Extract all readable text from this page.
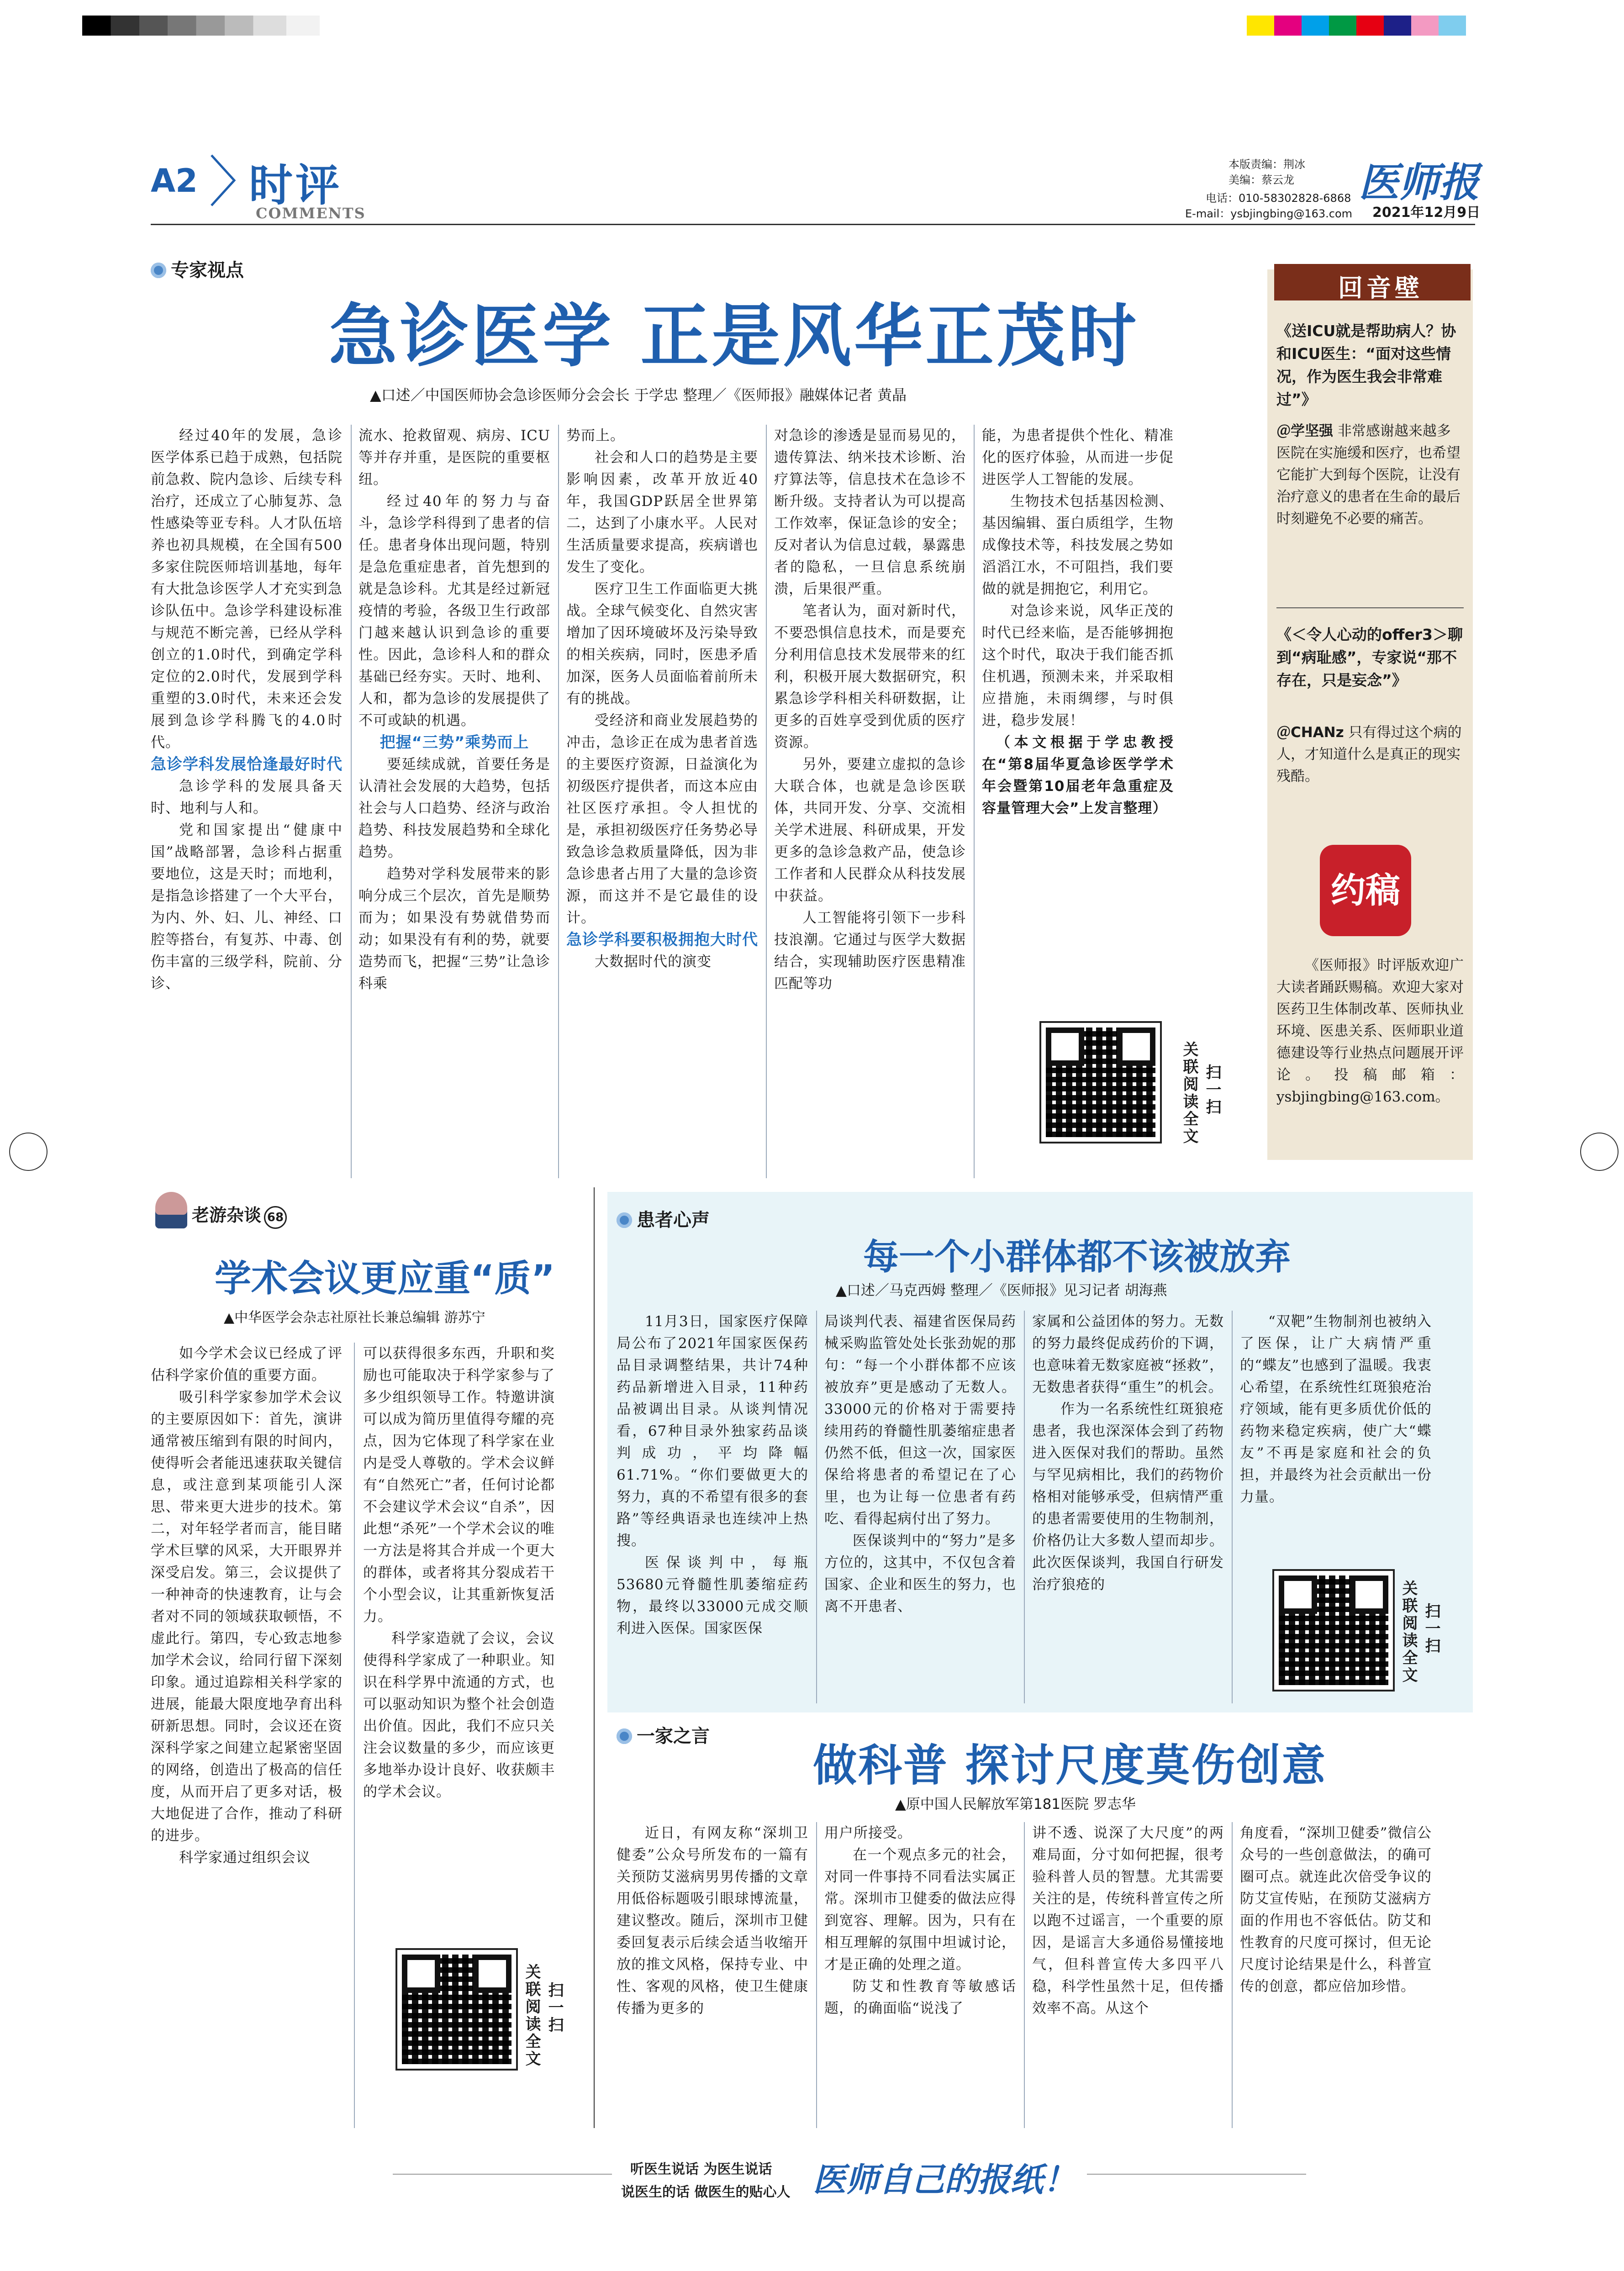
A2 时评
COMMENTS
本版责编：荆冰
美编：蔡云龙
电话：010-58302828-6868
E-mail：ysbjingbing@163.com
医师报
2021年12月9日
专家视点
急诊医学 正是风华正茂时
▲口述／中国医师协会急诊医师分会会长 于学忠 整理／《医师报》融媒体记者 黄晶

经过40年的发展，急诊医学体系已趋于成熟，包括院前急救、院内急诊、后续专科治疗，还成立了心肺复苏、急性感染等亚专科。人才队伍培养也初具规模，在全国有500多家住院医师培训基地，每年有大批急诊医学人才充实到急诊队伍中。急诊学科建设标准与规范不断完善，已经从学科创立的1.0时代，到确定学科定位的2.0时代，发展到学科重塑的3.0时代，未来还会发展到急诊学科腾飞的4.0时代。

急诊学科发展恰逢最好时代

急诊学科的发展具备天时、地利与人和。

党和国家提出“健康中国”战略部署，急诊科占据重要地位，这是天时；而地利，是指急诊搭建了一个大平台，为内、外、妇、儿、神经、口腔等搭台，有复苏、中毒、创伤丰富的三级学科，院前、分诊、

流水、抢救留观、病房、ICU等并存并重，是医院的重要枢纽。

经过40年的努力与奋斗，急诊学科得到了患者的信任。患者身体出现问题，特别是急危重症患者，首先想到的就是急诊科。尤其是经过新冠疫情的考验，各级卫生行政部门越来越认识到急诊的重要性。因此，急诊科人和的群众基础已经夯实。天时、地利、人和，都为急诊的发展提供了不可或缺的机遇。

把握“三势”乘势而上

要延续成就，首要任务是认清社会发展的大趋势，包括社会与人口趋势、经济与政治趋势、科技发展趋势和全球化趋势。

趋势对学科发展带来的影响分成三个层次，首先是顺势而为；如果没有势就借势而动；如果没有有利的势，就要造势而飞，把握“三势”让急诊科乘

势而上。

社会和人口的趋势是主要影响因素，改革开放近40年，我国GDP跃居全世界第二，达到了小康水平。人民对生活质量要求提高，疾病谱也发生了变化。

医疗卫生工作面临更大挑战。全球气候变化、自然灾害增加了因环境破坏及污染导致的相关疾病，同时，医患矛盾加深，医务人员面临着前所未有的挑战。

受经济和商业发展趋势的冲击，急诊正在成为患者首选的主要医疗资源，日益演化为初级医疗提供者，而这本应由社区医疗承担。令人担忧的是，承担初级医疗任务势必导致急诊急救质量降低，因为非急诊患者占用了大量的急诊资源，而这并不是它最佳的设计。

急诊学科要积极拥抱大时代

大数据时代的演变

对急诊的渗透是显而易见的，遗传算法、纳米技术诊断、治疗算法等，信息技术在急诊不断升级。支持者认为可以提高工作效率，保证急诊的安全；反对者认为信息过载，暴露患者的隐私，一旦信息系统崩溃，后果很严重。

笔者认为，面对新时代，不要恐惧信息技术，而是要充分利用信息技术发展带来的红利，积极开展大数据研究，积累急诊学科相关科研数据，让更多的百姓享受到优质的医疗资源。

另外，要建立虚拟的急诊大联合体，也就是急诊医联体，共同开发、分享、交流相关学术进展、科研成果，开发更多的急诊急救产品，使急诊工作者和人民群众从科技发展中获益。

人工智能将引领下一步科技浪潮。它通过与医学大数据结合，实现辅助医疗医患精准匹配等功

能，为患者提供个性化、精准化的医疗体验，从而进一步促进医学人工智能的发展。

生物技术包括基因检测、基因编辑、蛋白质组学，生物成像技术等，科技发展之势如滔滔江水，不可阻挡，我们要做的就是拥抱它，利用它。

对急诊来说，风华正茂的时代已经来临，是否能够拥抱这个时代，取决于我们能否抓住机遇，预测未来，并采取相应措施，未雨绸缪，与时俱进，稳步发展！

（本文根据于学忠教授在“第8届华夏急诊医学学术年会暨第10届老年急重症及容量管理大会”上发言整理）

关联阅读全文 扫一扫
回音壁
《送ICU就是帮助病人？协和ICU医生：“面对这些情况，作为医生我会非常难过”》
＠学坚强 非常感谢越来越多医院在实施缓和医疗，也希望它能扩大到每个医院，让没有治疗意义的患者在生命的最后时刻避免不必要的痛苦。
《＜令人心动的offer3＞聊到“病耻感”，专家说“那不存在，只是妄念”》
＠CHANz 只有得过这个病的人，才知道什么是真正的现实残酷。
约稿
《医师报》时评版欢迎广大读者踊跃赐稿。欢迎大家对医药卫生体制改革、医师执业环境、医患关系、医师职业道德建设等行业热点问题展开评论。投稿邮箱：ysbjingbing@163.com。
老游杂谈 68
学术会议更应重“质”
▲中华医学会杂志社原社长兼总编辑 游苏宁

如今学术会议已经成了评估科学家价值的重要方面。

吸引科学家参加学术会议的主要原因如下：首先，演讲通常被压缩到有限的时间内，使得听会者能迅速获取关键信息，或注意到某项能引人深思、带来更大进步的技术。第二，对年轻学者而言，能目睹学术巨擘的风采，大开眼界并深受启发。第三，会议提供了一种神奇的快速教育，让与会者对不同的领域获取顿悟，不虚此行。第四，专心致志地参加学术会议，给同行留下深刻印象。通过追踪相关科学家的进展，能最大限度地孕育出科研新思想。同时，会议还在资深科学家之间建立起紧密坚固的网络，创造出了极高的信任度，从而开启了更多对话，极大地促进了合作，推动了科研的进步。

科学家通过组织会议

可以获得很多东西，升职和奖励也可能取决于科学家参与了多少组织领导工作。特邀讲演可以成为简历里值得夸耀的亮点，因为它体现了科学家在业内是受人尊敬的。学术会议鲜有“自然死亡”者，任何讨论都不会建议学术会议“自杀”，因此想“杀死”一个学术会议的唯一方法是将其合并成一个更大的群体，或者将其分裂成若干个小型会议，让其重新恢复活力。

科学家造就了会议，会议使得科学家成了一种职业。知识在科学界中流通的方式，也可以驱动知识为整个社会创造出价值。因此，我们不应只关注会议数量的多少，而应该更多地举办设计良好、收获颇丰的学术会议。

关联阅读全文 扫一扫
患者心声
每一个小群体都不该被放弃
▲口述／马克西姆 整理／《医师报》见习记者 胡海燕

11月3日，国家医疗保障局公布了2021年国家医保药品目录调整结果，共计74种药品新增进入目录，11种药品被调出目录。从谈判情况看，67种目录外独家药品谈判成功，平均降幅61.71%。“你们要做更大的努力，真的不希望有很多的套路”等经典语录也连续冲上热搜。

医保谈判中，每瓶53680元脊髓性肌萎缩症药物，最终以33000元成交顺利进入医保。国家医保

局谈判代表、福建省医保局药械采购监管处处长张劲妮的那句：“每一个小群体都不应该被放弃”更是感动了无数人。33000元的价格对于需要持续用药的脊髓性肌萎缩症患者仍然不低，但这一次，国家医保给将患者的希望记在了心里，也为让每一位患者有药吃、看得起病付出了努力。

医保谈判中的“努力”是多方位的，这其中，不仅包含着国家、企业和医生的努力，也离不开患者、

家属和公益团体的努力。无数的努力最终促成药价的下调，也意味着无数家庭被“拯救”，无数患者获得“重生”的机会。

作为一名系统性红斑狼疮患者，我也深深体会到了药物进入医保对我们的帮助。虽然与罕见病相比，我们的药物价格相对能够承受，但病情严重的患者需要使用的生物制剂，价格仍让大多数人望而却步。此次医保谈判，我国自行研发治疗狼疮的

“双靶”生物制剂也被纳入了医保，让广大病情严重的“蝶友”也感到了温暖。我衷心希望，在系统性红斑狼疮治疗领域，能有更多质优价低的药物来稳定疾病，使广大“蝶友”不再是家庭和社会的负担，并最终为社会贡献出一份力量。

关联阅读全文 扫一扫
一家之言
做科普 探讨尺度莫伤创意
▲原中国人民解放军第181医院 罗志华

近日，有网友称“深圳卫健委”公众号所发布的一篇有关预防艾滋病男男传播的文章用低俗标题吸引眼球博流量，建议整改。随后，深圳市卫健委回复表示后续会适当收缩开放的推文风格，保持专业、中性、客观的风格，使卫生健康传播为更多的

用户所接受。

在一个观点多元的社会，对同一件事持不同看法实属正常。深圳市卫健委的做法应得到宽容、理解。因为，只有在相互理解的氛围中坦诚讨论，才是正确的处理之道。

防艾和性教育等敏感话题，的确面临“说浅了

讲不透、说深了大尺度”的两难局面，分寸如何把握，很考验科普人员的智慧。尤其需要关注的是，传统科普宣传之所以跑不过谣言，一个重要的原因，是谣言大多通俗易懂接地气，但科普宣传大多四平八稳，科学性虽然十足，但传播效率不高。从这个

角度看，“深圳卫健委”微信公众号的一些创意做法，的确可圈可点。就连此次倍受争议的防艾宣传贴，在预防艾滋病方面的作用也不容低估。防艾和性教育的尺度可探讨，但无论尺度讨论结果是什么，科普宣传的创意，都应倍加珍惜。

听医生说话 为医生说话
说医生的话 做医生的贴心人 医师自己的报纸！
